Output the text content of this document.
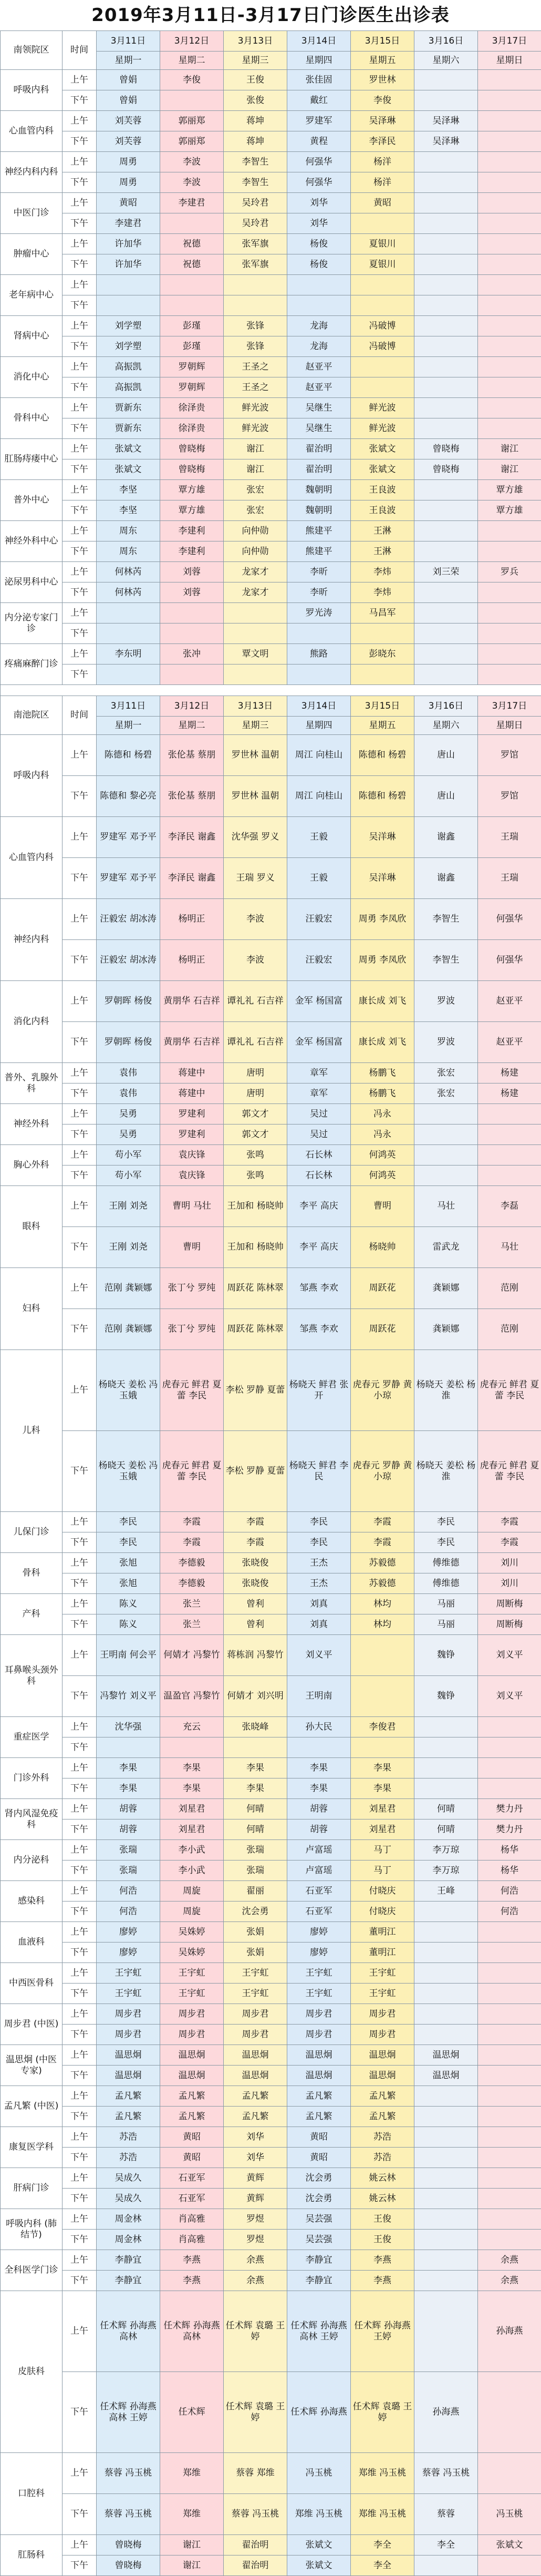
2019年3月11日-3月17日门诊医生出诊表
南领院区	时间	3月11日	3月12日	3月13日	3月14日	3月15日	3月16日	3月17日
		星期一	星期二	星期三	星期四	星期五	星期六	星期日
呼吸内科	上午	曾娟	李俊	王俊	张佳固	罗世林		
	下午	曾娟		张俊	戴红	李俊		
心血管内科	上午	刘芙蓉	郭丽郑	蒋坤	罗建军	吴泽琳	吴泽琳	
	下午	刘芙蓉	郭丽郑	蒋坤	黄程	李泽民	吴泽琳	
神经内科内科	上午	周勇	李波	李智生	何强华	杨洋		
	下午	周勇	李波	李智生	何强华	杨洋		
中医门诊	上午	黄昭	李建君	吴玲君	刘华	黄昭		
	下午	李建君		吴玲君	刘华			
肿瘤中心	上午	许加华	祝德	张军旗	杨俊	夏银川		
	下午	许加华	祝德	张军旗	杨俊	夏银川		
老年病中心	上午							
	下午							
肾病中心	上午	刘学塑	彭瑾	张锋	龙海	冯破博		
	下午	刘学塑	彭瑾	张锋	龙海	冯破博		
消化中心	上午	高振凯	罗朝辉	王圣之	赵亚平			
	下午	高振凯	罗朝辉	王圣之	赵亚平			
骨科中心	上午	贾新东	徐泽贵	鲜光波	吴继生	鲜光波		
	下午	贾新东	徐泽贵	鲜光波	吴继生	鲜光波		
肛肠痔瘘中心	上午	张斌文	曾晓梅	谢江	翟治明	张斌文	曾晓梅	谢江
	下午	张斌文	曾晓梅	谢江	翟治明	张斌文	曾晓梅	谢江
普外中心	上午	李坚	覃方雄	张宏	魏朝明	王良波		覃方雄
	下午	李坚	覃方雄	张宏	魏朝明	王良波		覃方雄
神经外科中心	上午	周东	李建利	向仲勋	熊建平	王淋		
	下午	周东	李建利	向仲勋	熊建平	王淋		
泌尿男科中心	上午	何林芮	刘蓉	龙家才	李昕	李炜	刘三荣	罗兵
	下午	何林芮	刘蓉	龙家才	李昕	李炜		
内分泌专家门诊	上午				罗光涛	马昌军		
	下午							
疼痛麻醉门诊	上午	李东明	张冲	覃文明	熊路	彭晓东		
	下午							

南池院区	时间	3月11日	3月12日	3月13日	3月14日	3月15日	3月16日	3月17日
		星期一	星期二	星期三	星期四	星期五	星期六	星期日
呼吸内科	上午	陈德和 杨碧	张伦基 蔡朋	罗世林 温朝	周江 向桂山	陈德和 杨碧	唐山	罗馆
	下午	陈德和 黎必亮	张伦基 蔡朋	罗世林 温朝	周江 向桂山	陈德和 杨碧	唐山	罗馆
心血管内科	上午	罗建军 邓予平	李泽民 谢鑫	沈华强 罗义	王毅	吴洋琳	谢鑫	王瑞
	下午	罗建军 邓予平	李泽民 谢鑫	王瑞 罗义	王毅	吴洋琳	谢鑫	王瑞
神经内科	上午	汪毅宏 胡冰涛	杨明正	李波	汪毅宏	周勇 李凤欣	李智生	何强华
	下午	汪毅宏 胡冰涛	杨明正	李波	汪毅宏	周勇 李凤欣	李智生	何强华
消化内科	上午	罗朝晖 杨俊	黄朋华 石吉祥	谭礼礼 石吉祥	金军 杨国富	康长成 刘飞	罗波	赵亚平
	下午	罗朝晖 杨俊	黄朋华 石吉祥	谭礼礼 石吉祥	金军 杨国富	康长成 刘飞	罗波	赵亚平
普外、乳腺外科	上午	袁伟	蒋建中	唐明	章军	杨鹏飞	张宏	杨建
	下午	袁伟	蒋建中	唐明	章军	杨鹏飞	张宏	杨建
神经外科	上午	吴勇	罗建利	郭文才	吴过	冯永		
	下午	吴勇	罗建利	郭文才	吴过	冯永		
胸心外科	上午	苟小军	袁庆锋	张鸣	石长林	何鸿英		
	下午	苟小军	袁庆锋	张鸣	石长林	何鸿英		
眼科	上午	王刚 刘尧	曹明 马壮	王加和 杨晓帅	李平 高庆	曹明	马壮	李磊
	下午	王刚 刘尧	曹明	王加和 杨晓帅	李平 高庆	杨晓帅	雷武龙	马壮
妇科	上午	范刚 龚颖娜	张丁兮 罗纯	周跃花 陈林翠	邹燕 李欢	周跃花	龚颖娜	范刚
	下午	范刚 龚颖娜	张丁兮 罗纯	周跃花 陈林翠	邹燕 李欢	周跃花	龚颖娜	范刚
儿科	上午	杨晓天 姜松 冯玉娥	虎春元 鲜君 夏蕾 李民	李松 罗静 夏蕾	杨晓天 鲜君 张开	虎春元 罗静 黄小琼	杨晓天 姜松 杨淮	虎春元 鲜君 夏蕾 李民
	下午	杨晓天 姜松 冯玉娥	虎春元 鲜君 夏蕾 李民	李松 罗静 夏蕾	杨晓天 鲜君 李民	虎春元 罗静 黄小琼	杨晓天 姜松 杨淮	虎春元 鲜君 夏蕾 李民
儿保门诊	上午	李民	李霞	李霞	李民	李霞	李民	李霞
	下午	李民	李霞	李霞	李民	李霞	李民	李霞
骨科	上午	张旭	李德毅	张晓俊	王杰	苏毅德	傅维德	刘川
	下午	张旭	李德毅	张晓俊	王杰	苏毅德	傅维德	刘川
产科	上午	陈义	张兰	曾利	刘真	林均	马丽	周断梅
	下午	陈义	张兰	曾利	刘真	林均	马丽	周断梅
耳鼻喉头颈外科	上午	王明南 何会平	何婧才 冯黎竹	蒋栋润 冯黎竹	刘义平		魏铮	刘义平
	下午	冯黎竹 刘义平	温盈官 冯黎竹	何婧才 刘兴明	王明南		魏铮	刘义平
重症医学	上午	沈华强	充云	张晓峰	孙大民	李俊君		
	下午							
门诊外科	上午	李果	李果	李果	李果	李果		
	下午	李果	李果	李果	李果	李果		
肾内风湿免疫科	上午	胡蓉	刘星君	何晴	胡蓉	刘星君	何晴	樊力丹
	下午	胡蓉	刘星君	何晴	胡蓉	刘星君	何晴	樊力丹
内分泌科	上午	张瑞	李小武	张瑞	卢富瑶	马丁	李万琼	杨华
	下午	张瑞	李小武	张瑞	卢富瑶	马丁	李万琼	杨华
感染科	上午	何浩	周旋	翟丽	石亚军	付晓庆	王峰	何浩
	下午	何浩	周旋	沈会勇	石亚军	付晓庆		何浩
血液科	上午	廖婷	吴姝婷	张娟	廖婷	董明江		
	下午	廖婷	吴姝婷	张娟	廖婷	董明江		
中西医骨科	上午	王宇虹	王宇虹	王宇虹	王宇虹	王宇虹		
	下午	王宇虹	王宇虹	王宇虹	王宇虹	王宇虹		
周步君 (中医)	上午	周步君	周步君	周步君	周步君	周步君		
	下午	周步君	周步君	周步君	周步君	周步君		
温思炯 (中医专家)	上午	温思炯	温思炯	温思炯	温思炯	温思炯	温思炯	
	下午	温思炯	温思炯	温思炯	温思炯	温思炯	温思炯	
孟凡繁 (中医)	上午	孟凡繁	孟凡繁	孟凡繁	孟凡繁	孟凡繁		
	下午	孟凡繁	孟凡繁	孟凡繁	孟凡繁	孟凡繁		
康复医学科	上午	苏浩	黄昭	刘华	黄昭	苏浩		
	下午	苏浩	黄昭	刘华	黄昭	苏浩		
肝病门诊	上午	吴成久	石亚军	黄辉	沈会勇	姚云林		
	下午	吴成久	石亚军	黄辉	沈会勇	姚云林		
呼吸内科 (肺结节)	上午	周金林	肖高雅	罗煜	吴芸强	王俊		
	下午	周金林	肖高雅	罗煜	吴芸强	王俊		
全科医学门诊	上午	李静宜	李燕	余燕	李静宜	李燕		余燕
	下午	李静宜	李燕	余燕	李静宜	李燕		余燕
皮肤科	上午	任术辉 孙海燕 高林	任术辉 孙海燕 高林	任术辉 袁璐 王婷	任术辉 孙海燕 高林 王婷	任术辉 孙海燕 王婷		孙海燕
	下午	任术辉 孙海燕 高林 王婷	任术辉	任术辉 袁璐 王婷	任术辉 孙海燕	任术辉 袁璐 王婷	孙海燕	
口腔科	上午	蔡蓉 冯玉桃	郑维	蔡蓉 郑维	冯玉桃	郑维 冯玉桃	蔡蓉 冯玉桃	
	下午	蔡蓉 冯玉桃	郑维	蔡蓉 冯玉桃	郑维 冯玉桃	郑维 冯玉桃	蔡蓉	冯玉桃
肛肠科	上午	曾晓梅	谢江	翟治明	张斌文	李全	李全	张斌文
	下午	曾晓梅	谢江	翟治明	张斌文	李全		
